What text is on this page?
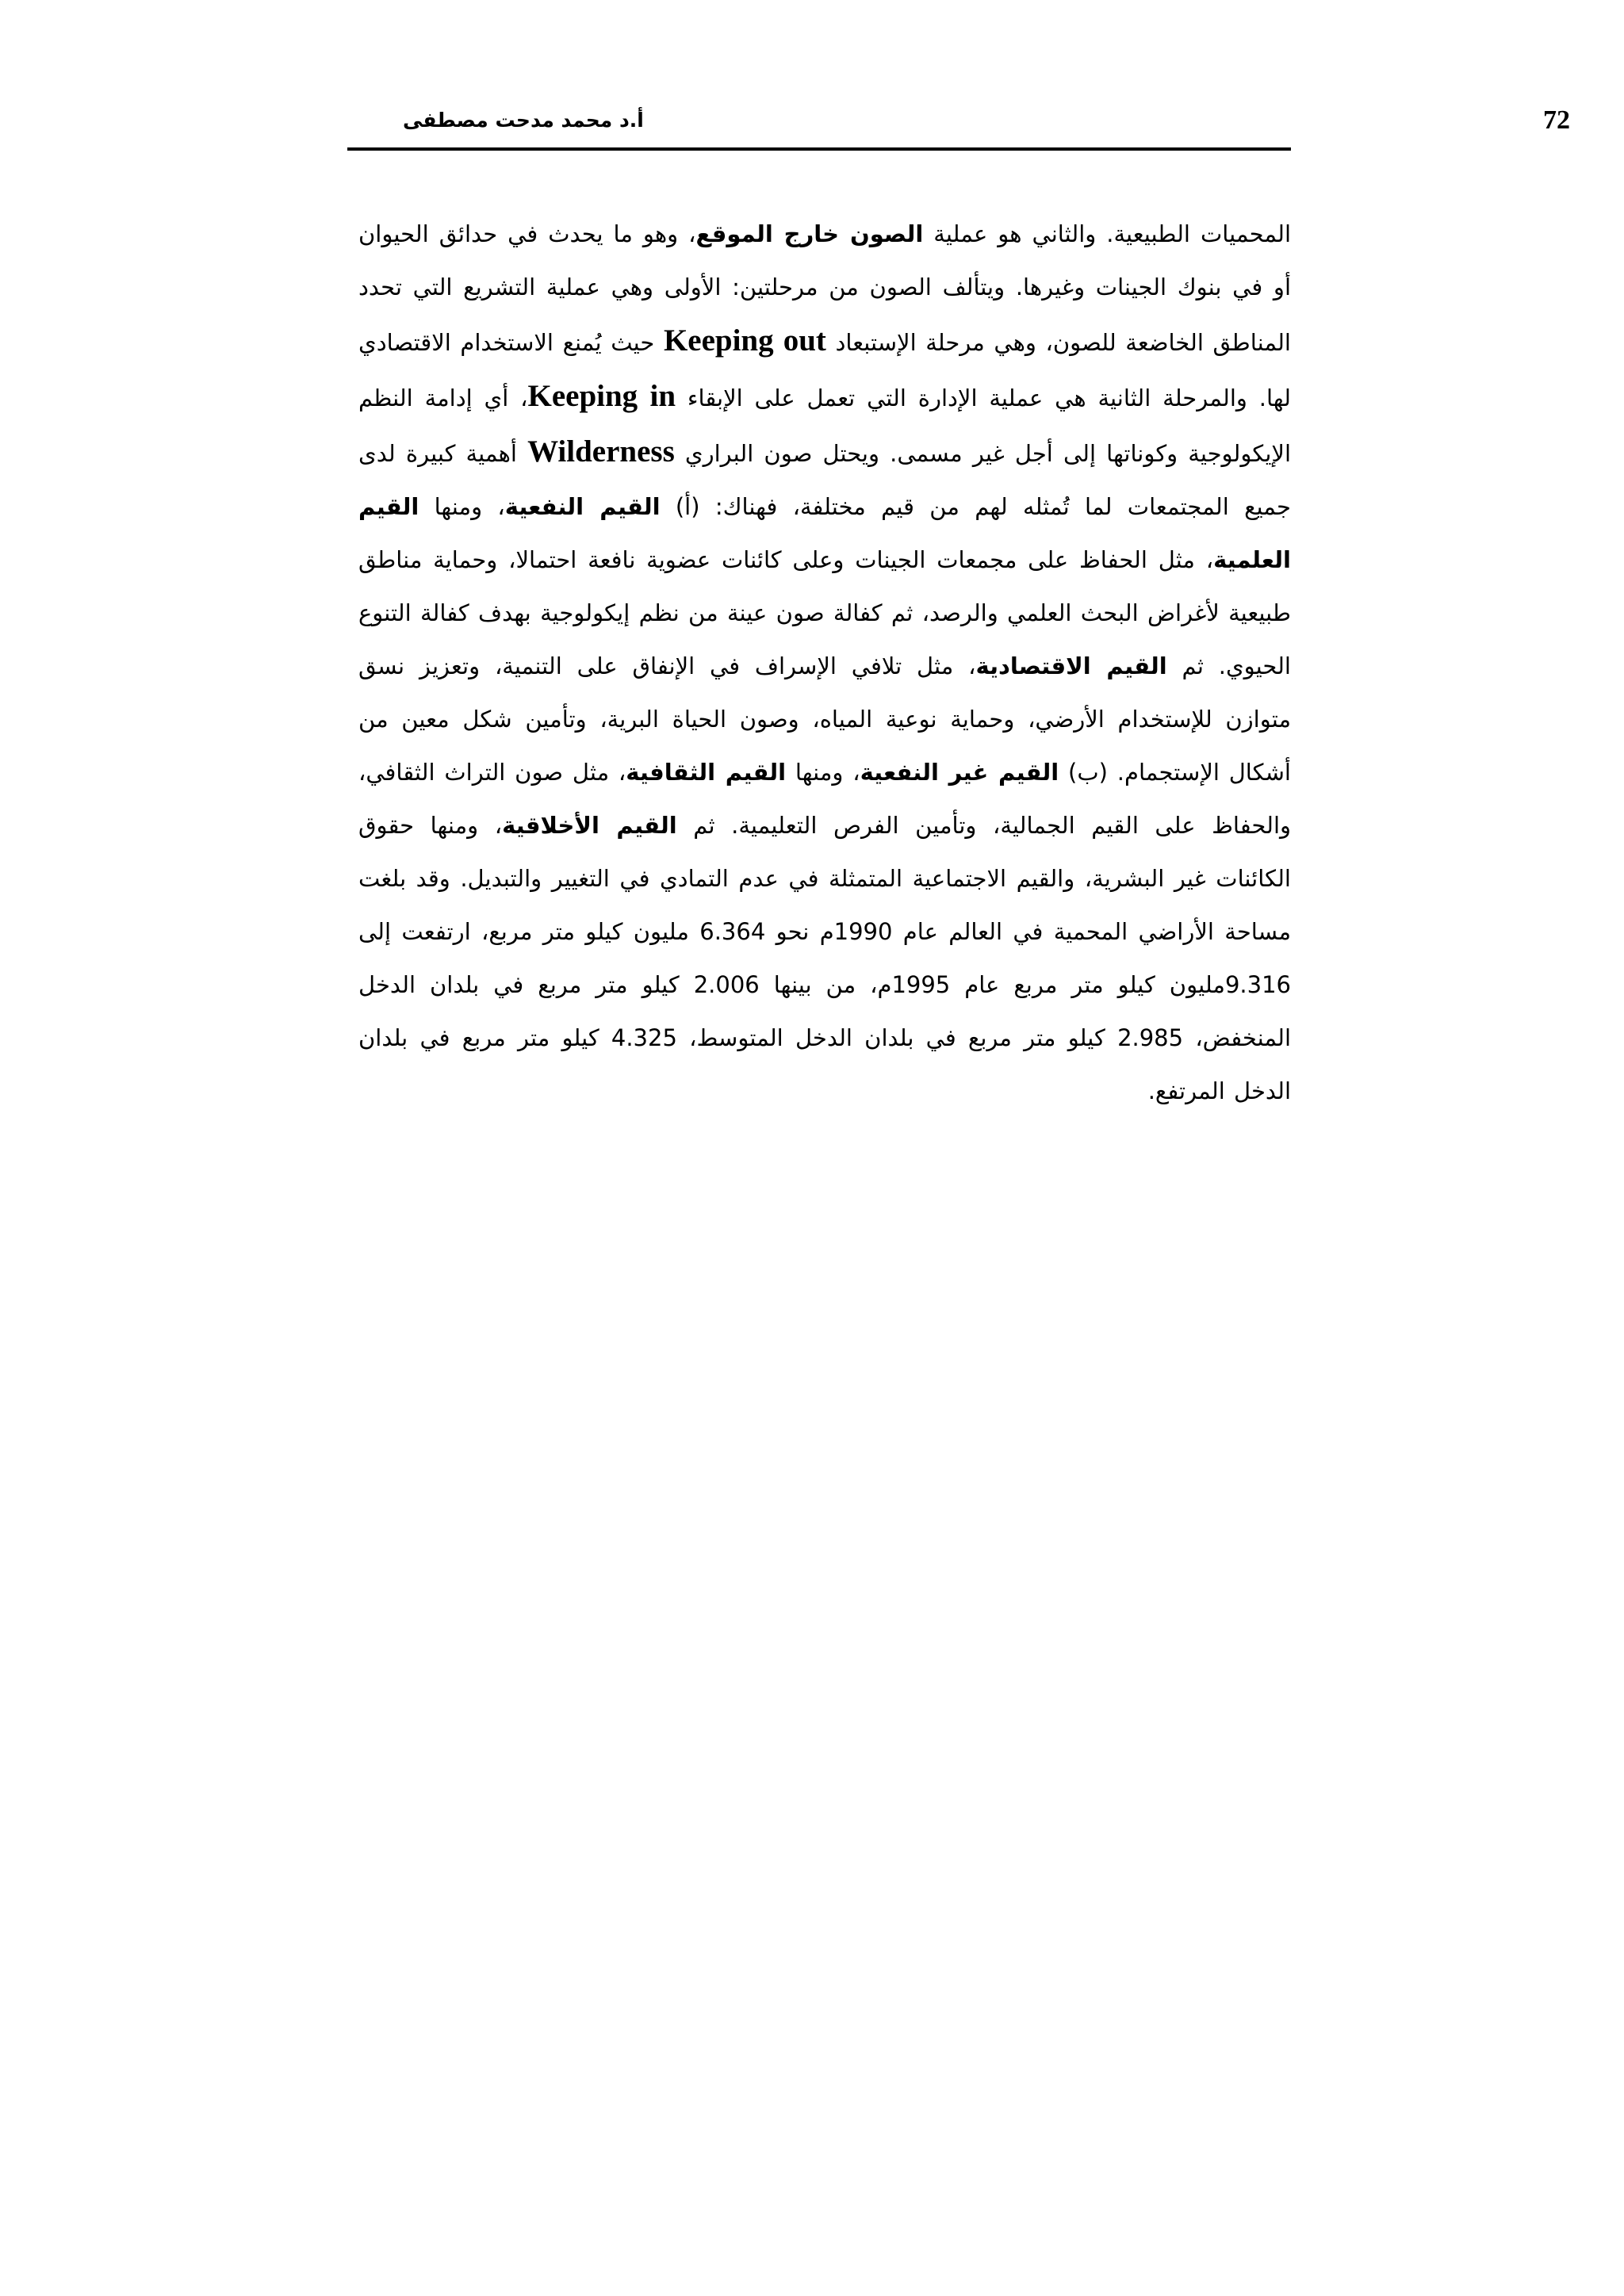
72
أ.د محمد مدحت مصطفى

المحميات الطبيعية. والثاني هو عملية الصون خارج الموقع، وهو ما يحدث في حدائق الحيوان أو في بنوك الجينات وغيرها. ويتألف الصون من مرحلتين: الأولى وهي عملية التشريع التي تحدد المناطق الخاضعة للصون، وهي مرحلة الإستبعاد Keeping out حيث يُمنع الاستخدام الاقتصادي لها. والمرحلة الثانية هي عملية الإدارة التي تعمل على الإبقاء Keeping in، أي إدامة النظم الإيكولوجية وكوناتها إلى أجل غير مسمى. ويحتل صون البراري Wilderness أهمية كبيرة لدى جميع المجتمعات لما تُمثله لهم من قيم مختلفة، فهناك: (أ) القيم النفعية، ومنها القيم العلمية، مثل الحفاظ على مجمعات الجينات وعلى كائنات عضوية نافعة احتمالا، وحماية مناطق طبيعية لأغراض البحث العلمي والرصد، ثم كفالة صون عينة من نظم إيكولوجية بهدف كفالة التنوع الحيوي. ثم القيم الاقتصادية، مثل تلافي الإسراف في الإنفاق على التنمية، وتعزيز نسق متوازن للإستخدام الأرضي، وحماية نوعية المياه، وصون الحياة البرية، وتأمين شكل معين من أشكال الإستجمام. (ب) القيم غير النفعية، ومنها القيم الثقافية، مثل صون التراث الثقافي، والحفاظ على القيم الجمالية، وتأمين الفرص التعليمية. ثم القيم الأخلاقية، ومنها حقوق الكائنات غير البشرية، والقيم الاجتماعية المتمثلة في عدم التمادي في التغيير والتبديل. وقد بلغت مساحة الأراضي المحمية في العالم عام 1990م نحو 6.364 مليون كيلو متر مربع، ارتفعت إلى 9.316مليون كيلو متر مربع عام 1995م، من بينها 2.006 كيلو متر مربع في بلدان الدخل المنخفض، 2.985 كيلو متر مربع في بلدان الدخل المتوسط، 4.325 كيلو متر مربع في بلدان الدخل المرتفع.
